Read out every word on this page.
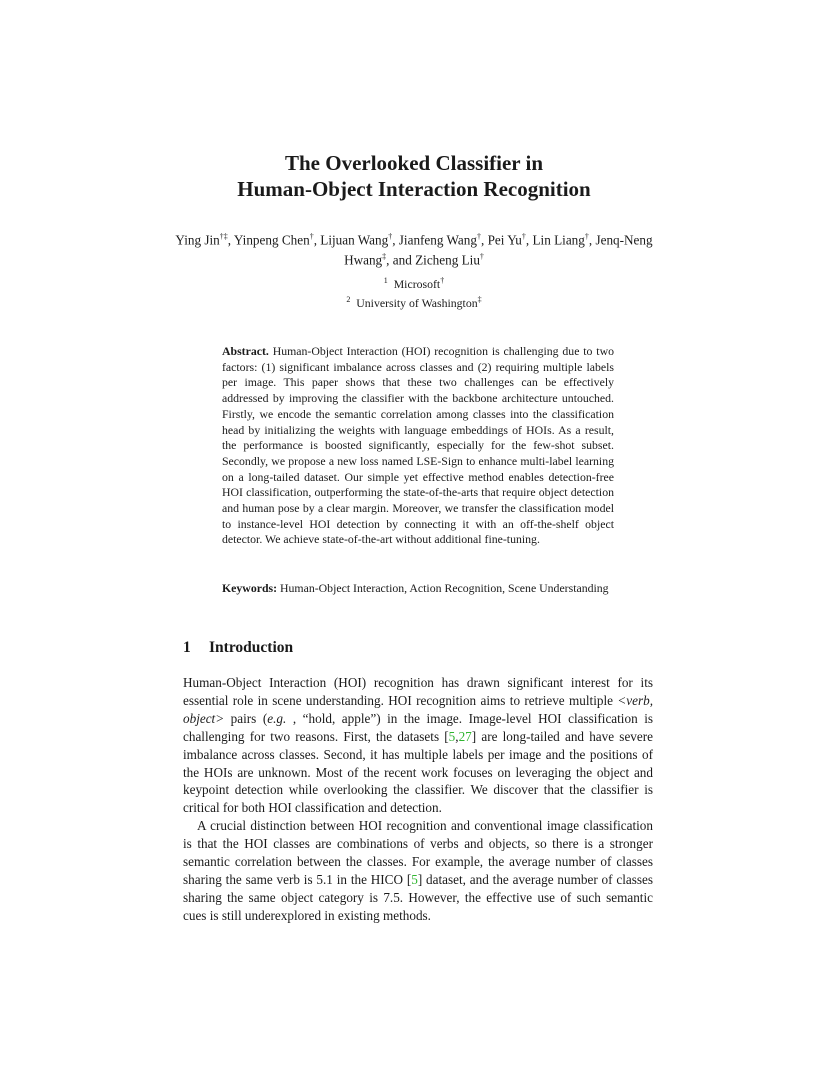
The Overlooked Classifier in
Human-Object Interaction Recognition
Ying Jin†‡, Yinpeng Chen†, Lijuan Wang†, Jianfeng Wang†, Pei Yu†, Lin Liang†, Jenq-Neng Hwang‡, and Zicheng Liu†
$^1$ Microsoft†
$^2$ University of Washington‡
Abstract. Human-Object Interaction (HOI) recognition is challenging due to two factors: (1) significant imbalance across classes and (2) requiring multiple labels per image. This paper shows that these two challenges can be effectively addressed by improving the classifier with the backbone architecture untouched. Firstly, we encode the semantic correlation among classes into the classification head by initializing the weights with language embeddings of HOIs. As a result, the performance is boosted significantly, especially for the few-shot subset. Secondly, we propose a new loss named LSE-Sign to enhance multi-label learning on a long-tailed dataset. Our simple yet effective method enables detection-free HOI classification, outperforming the state-of-the-arts that require object detection and human pose by a clear margin. Moreover, we transfer the classification model to instance-level HOI detection by connecting it with an off-the-shelf object detector. We achieve state-of-the-art without additional fine-tuning.
Keywords: Human-Object Interaction, Action Recognition, Scene Understanding
1 Introduction

Human-Object Interaction (HOI) recognition has drawn significant interest for its essential role in scene understanding. HOI recognition aims to retrieve multiple <verb, object> pairs (e.g. , “hold, apple”) in the image. Image-level HOI classification is challenging for two reasons. First, the datasets [5,27] are long-tailed and have severe imbalance across classes. Second, it has multiple labels per image and the positions of the HOIs are unknown. Most of the recent work focuses on leveraging the object and keypoint detection while overlooking the classifier. We discover that the classifier is critical for both HOI classification and detection.

A crucial distinction between HOI recognition and conventional image classification is that the HOI classes are combinations of verbs and objects, so there is a stronger semantic correlation between the classes. For example, the average number of classes sharing the same verb is 5.1 in the HICO [5] dataset, and the average number of classes sharing the same object category is 7.5. However, the effective use of such semantic cues is still underexplored in existing methods.
